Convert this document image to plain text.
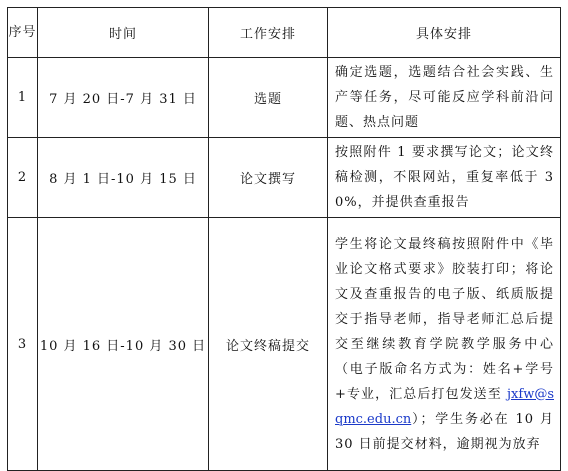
序号	时间	工作安排	具体安排
1	7 月 20 日-7 月 31 日	选题	确定选题，选题结合社会实践、生产等任务，尽可能反应学科前沿问题、热点问题
2	8 月 1 日-10 月 15 日	论文撰写	按照附件 1 要求撰写论文；论文终稿检测，不限网站，重复率低于 30%，并提供查重报告
3	10 月 16 日-10 月 30 日	论文终稿提交	学生将论文最终稿按照附件中《毕业论文格式要求》胶装打印；将论文及查重报告的电子版、纸质版提交于指导老师，指导老师汇总后提交至继续教育学院教学服务中心（电子版命名方式为：姓名+学号+专业，汇总后打包发送至 jxfw@sqmc.edu.cn）；学生务必在 10 月 30 日前提交材料，逾期视为放弃
